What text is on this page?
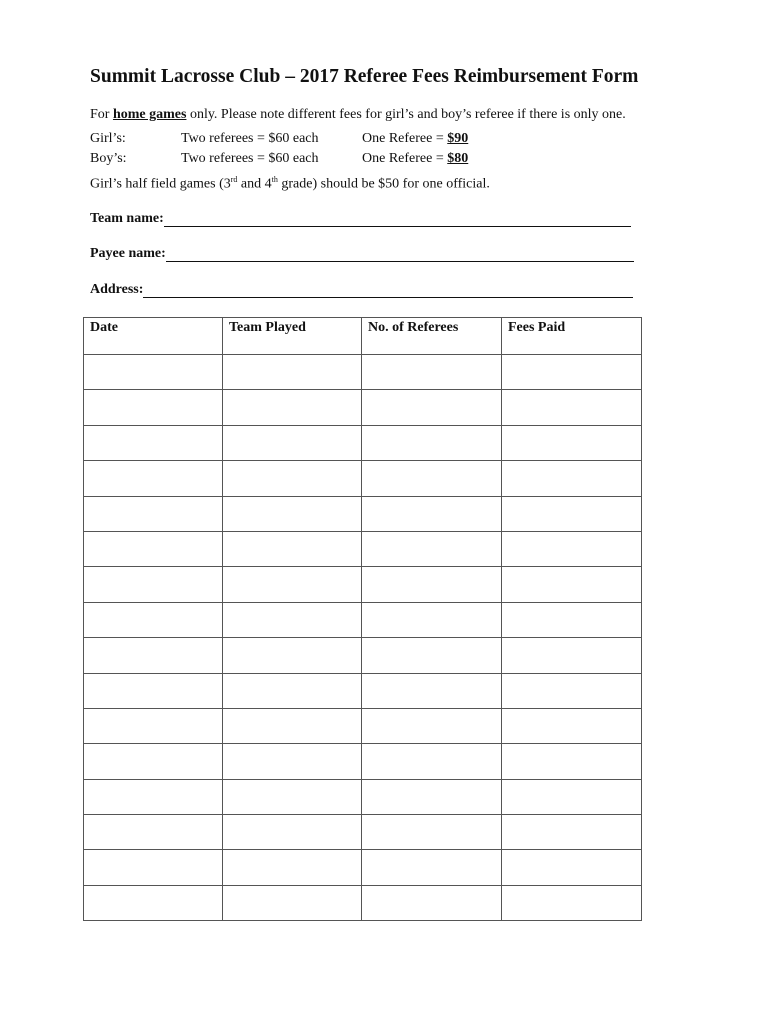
Summit Lacrosse Club – 2017 Referee Fees Reimbursement Form
For home games only. Please note different fees for girl’s and boy’s referee if there is only one.
Girl’s:	Two referees = $60 each	One Referee = $90
Boy’s:	Two referees = $60 each	One Referee = $80
Girl’s half field games (3rd and 4th grade) should be $50 for one official.
Team name:
Payee name:
Address:
Date	Team Played	No. of Referees	Fees Paid
